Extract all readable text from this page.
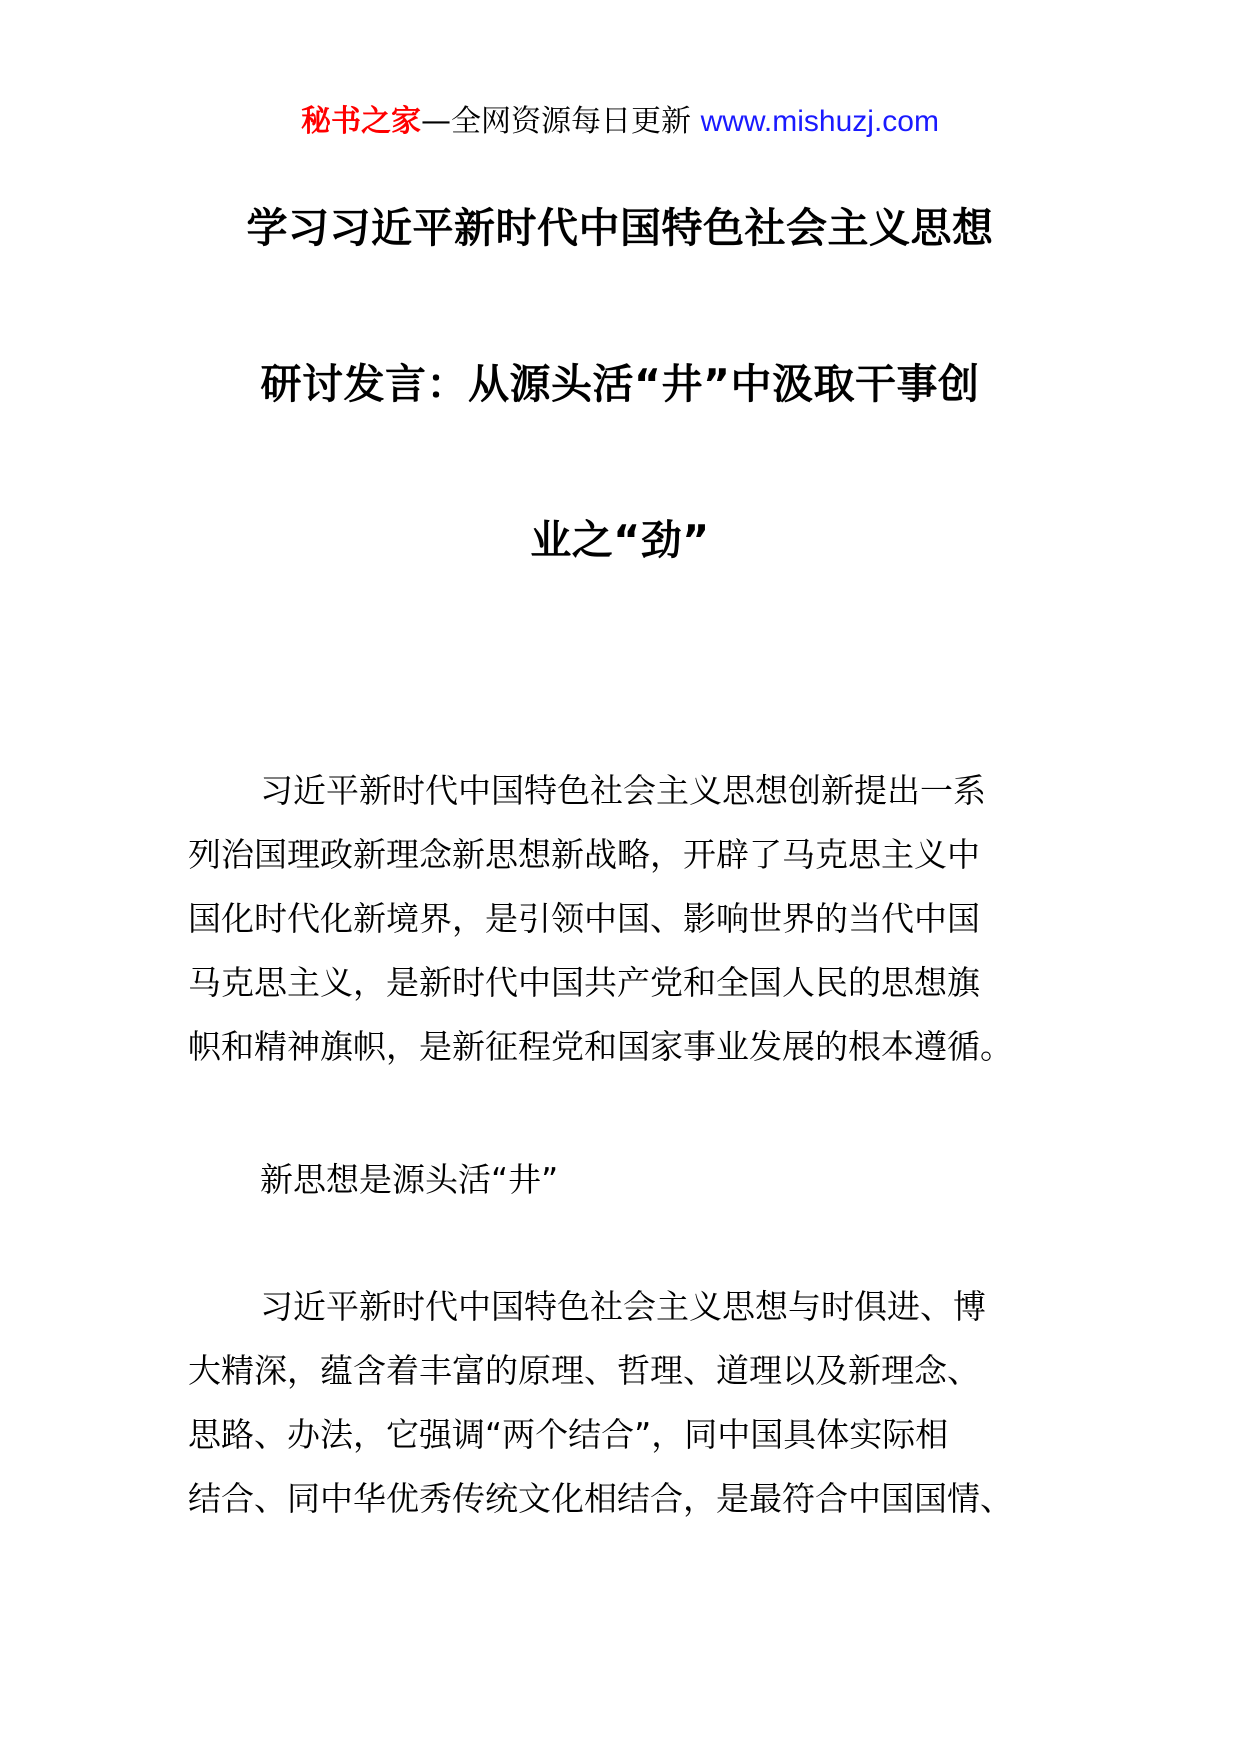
秘书之家—全网资源每日更新 www.mishuzj.com
学习习近平新时代中国特色社会主义思想
研讨发言：从源头活“井”中汲取干事创
业之“劲”
习近平新时代中国特色社会主义思想创新提出一系
列治国理政新理念新思想新战略，开辟了马克思主义中
国化时代化新境界，是引领中国、影响世界的当代中国
马克思主义，是新时代中国共产党和全国人民的思想旗
帜和精神旗帜，是新征程党和国家事业发展的根本遵循。
新思想是源头活“井”
习近平新时代中国特色社会主义思想与时俱进、博
大精深，蕴含着丰富的原理、哲理、道理以及新理念、
思路、办法，它强调“两个结合”，同中国具体实际相
结合、同中华优秀传统文化相结合，是最符合中国国情、
